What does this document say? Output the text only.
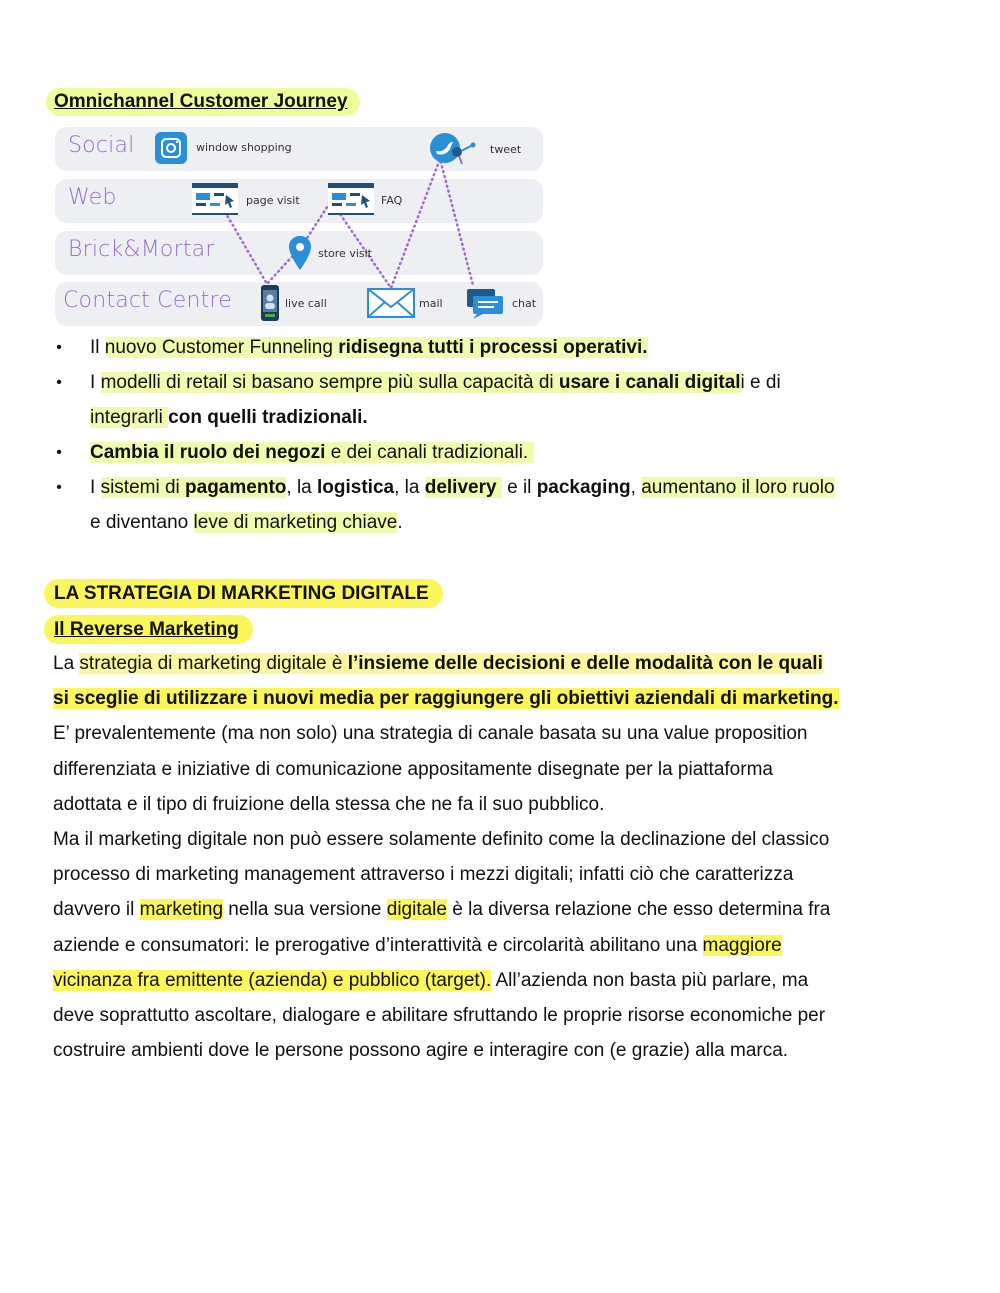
Omnichannel Customer Journey
Social
Web
Brick&Mortar
Contact Centre
window shopping	tweet
page visit	FAQ
store visit
live call	mail	chat
• Il nuovo Customer Funneling ridisegna tutti i processi operativi.
• I modelli di retail si basano sempre più sulla capacità di usare i canali digitali e di
integrarli con quelli tradizionali.
• Cambia il ruolo dei negozi e dei canali tradizionali.
• I sistemi di pagamento, la logistica, la delivery  e il packaging, aumentano il loro ruolo
e diventano leve di marketing chiave.
LA STRATEGIA DI MARKETING DIGITALE
Il Reverse Marketing
La strategia di marketing digitale è l’insieme delle decisioni e delle modalità con le quali
si sceglie di utilizzare i nuovi media per raggiungere gli obiettivi aziendali di marketing.
E’ prevalentemente (ma non solo) una strategia di canale basata su una value proposition
differenziata e iniziative di comunicazione appositamente disegnate per la piattaforma
adottata e il tipo di fruizione della stessa che ne fa il suo pubblico.
Ma il marketing digitale non può essere solamente definito come la declinazione del classico
processo di marketing management attraverso i mezzi digitali; infatti ciò che caratterizza
davvero il marketing nella sua versione digitale è la diversa relazione che esso determina fra
aziende e consumatori: le prerogative d’interattività e circolarità abilitano una maggiore
vicinanza fra emittente (azienda) e pubblico (target). All’azienda non basta più parlare, ma
deve soprattutto ascoltare, dialogare e abilitare sfruttando le proprie risorse economiche per
costruire ambienti dove le persone possono agire e interagire con (e grazie) alla marca.
